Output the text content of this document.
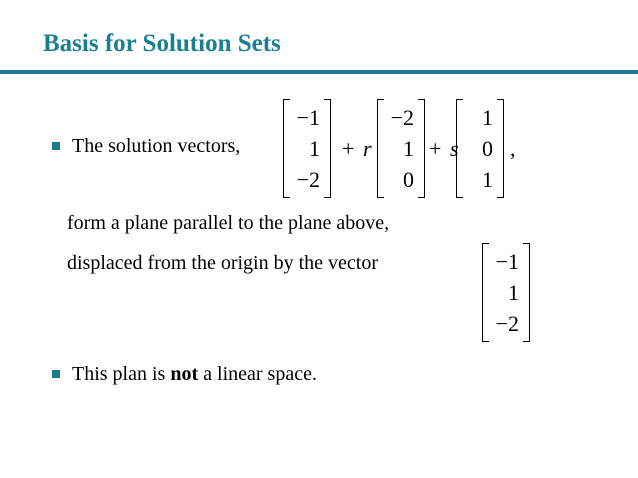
Basis for Solution Sets
The solution vectors,
−1
1
−2
+ r
−2
1
0
+ s
1
0
1
,
form a plane parallel to the plane above,
displaced from the origin by the vector	−1
1
−2
This plan is not a linear space.
